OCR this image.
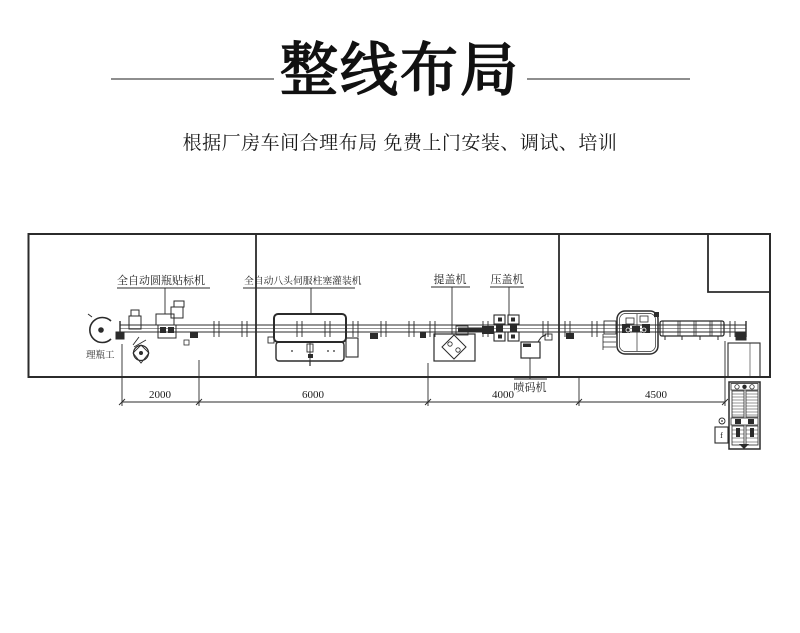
整线布局
根据厂房车间合理布局 免费上门安装、调试、培训
理瓶工
全自动圆瓶贴标机	全自动八头伺服柱塞灌装机	提盖机 压盖机
喷码机
f
2000	6000	4000	4500
